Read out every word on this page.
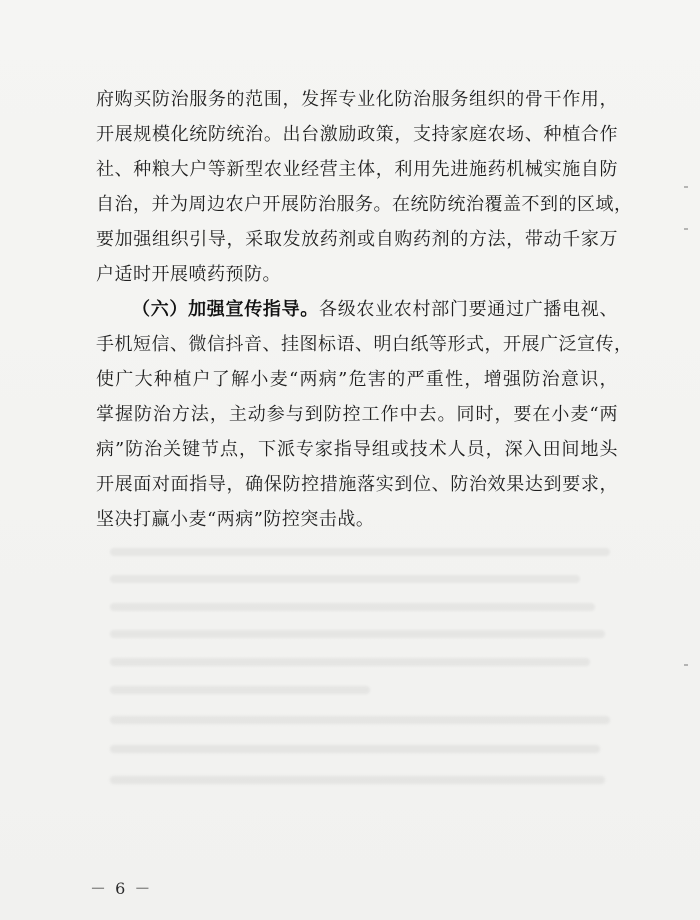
府购买防治服务的范围，发挥专业化防治服务组织的骨干作用，
开展规模化统防统治。出台激励政策，支持家庭农场、种植合作
社、种粮大户等新型农业经营主体，利用先进施药机械实施自防
自治，并为周边农户开展防治服务。在统防统治覆盖不到的区域，
要加强组织引导，采取发放药剂或自购药剂的方法，带动千家万
户适时开展喷药预防。
（六）加强宣传指导。各级农业农村部门要通过广播电视、
手机短信、微信抖音、挂图标语、明白纸等形式，开展广泛宣传，
使广大种植户了解小麦“两病”危害的严重性，增强防治意识，
掌握防治方法，主动参与到防控工作中去。同时，要在小麦“两
病”防治关键节点，下派专家指导组或技术人员，深入田间地头
开展面对面指导，确保防控措施落实到位、防治效果达到要求，
坚决打赢小麦“两病”防控突击战。
－ 6 －
